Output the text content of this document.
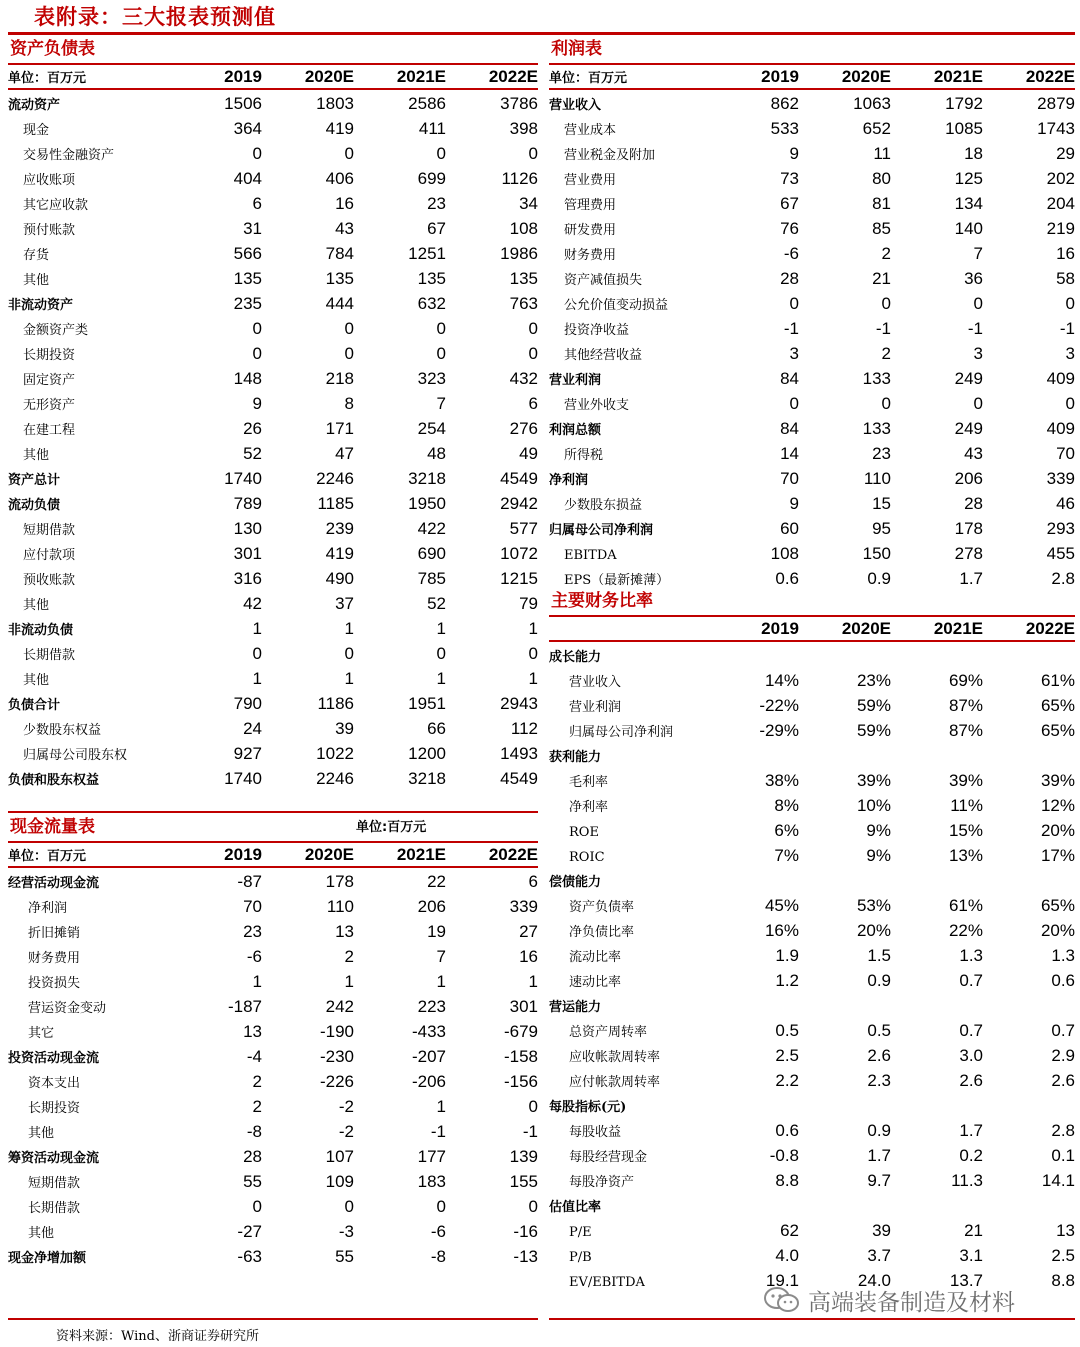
表附录：三大报表预测值
资产负债表
单位：百万元	2019	2020E	2021E	2022E
流动资产	1506	1803	2586	3786
现金	364	419	411	398
交易性金融资产	0	0	0	0
应收账项	404	406	699	1126
其它应收款	6	16	23	34
预付账款	31	43	67	108
存货	566	784	1251	1986
其他	135	135	135	135
非流动资产	235	444	632	763
金额资产类	0	0	0	0
长期投资	0	0	0	0
固定资产	148	218	323	432
无形资产	9	8	7	6
在建工程	26	171	254	276
其他	52	47	48	49
资产总计	1740	2246	3218	4549
流动负债	789	1185	1950	2942
短期借款	130	239	422	577
应付款项	301	419	690	1072
预收账款	316	490	785	1215
其他	42	37	52	79
非流动负债	1	1	1	1
长期借款	0	0	0	0
其他	1	1	1	1
负债合计	790	1186	1951	2943
少数股东权益	24	39	66	112
归属母公司股东权	927	1022	1200	1493
负债和股东权益	1740	2246	3218	4549
现金流量表	单位:百万元
单位：百万元	2019	2020E	2021E	2022E
经营活动现金流	-87	178	22	6
净利润	70	110	206	339
折旧摊销	23	13	19	27
财务费用	-6	2	7	16
投资损失	1	1	1	1
营运资金变动	-187	242	223	301
其它	13	-190	-433	-679
投资活动现金流	-4	-230	-207	-158
资本支出	2	-226	-206	-156
长期投资	2	-2	1	0
其他	-8	-2	-1	-1
筹资活动现金流	28	107	177	139
短期借款	55	109	183	155
长期借款	0	0	0	0
其他	-27	-3	-6	-16
现金净增加额	-63	55	-8	-13
利润表
单位：百万元	2019	2020E	2021E	2022E
营业收入	862	1063	1792	2879
营业成本	533	652	1085	1743
营业税金及附加	9	11	18	29
营业费用	73	80	125	202
管理费用	67	81	134	204
研发费用	76	85	140	219
财务费用	-6	2	7	16
资产减值损失	28	21	36	58
公允价值变动损益	0	0	0	0
投资净收益	-1	-1	-1	-1
其他经营收益	3	2	3	3
营业利润	84	133	249	409
营业外收支	0	0	0	0
利润总额	84	133	249	409
所得税	14	23	43	70
净利润	70	110	206	339
少数股东损益	9	15	28	46
归属母公司净利润	60	95	178	293
EBITDA	108	150	278	455
EPS（最新摊薄）	0.6	0.9	1.7	2.8
主要财务比率
2019	2020E	2021E	2022E
成长能力
营业收入	14%	23%	69%	61%
营业利润	-22%	59%	87%	65%
归属母公司净利润	-29%	59%	87%	65%
获利能力
毛利率	38%	39%	39%	39%
净利率	8%	10%	11%	12%
ROE	6%	9%	15%	20%
ROIC	7%	9%	13%	17%
偿债能力
资产负债率	45%	53%	61%	65%
净负债比率	16%	20%	22%	20%
流动比率	1.9	1.5	1.3	1.3
速动比率	1.2	0.9	0.7	0.6
营运能力
总资产周转率	0.5	0.5	0.7	0.7
应收帐款周转率	2.5	2.6	3.0	2.9
应付帐款周转率	2.2	2.3	2.6	2.6
每股指标(元)
每股收益	0.6	0.9	1.7	2.8
每股经营现金	-0.8	1.7	0.2	0.1
每股净资产	8.8	9.7	11.3	14.1
估值比率
P/E	62	39	21	13
P/B	4.0	3.7	3.1	2.5
EV/EBITDA	19.1	24.0	13.7	8.8
高端装备制造及材料
资料来源：Wind、浙商证券研究所
